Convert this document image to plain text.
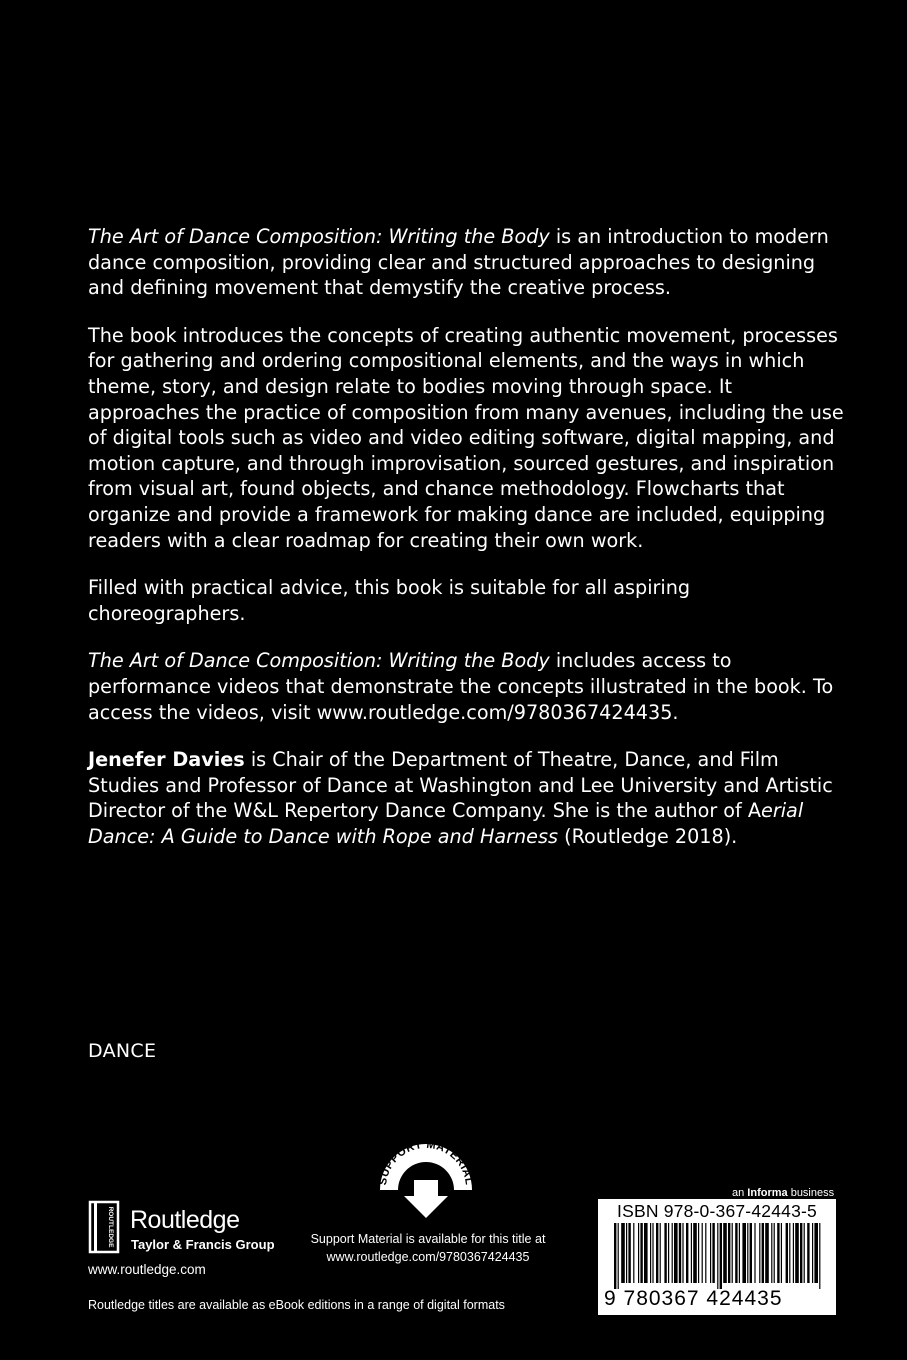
The Art of Dance Composition: Writing the Body is an introduction to modern dance composition, providing clear and structured approaches to designing and defining movement that demystify the creative process.

The book introduces the concepts of creating authentic movement, processes for gathering and ordering compositional elements, and the ways in which theme, story, and design relate to bodies moving through space. It approaches the practice of composition from many avenues, including the use of digital tools such as video and video editing software, digital mapping, and motion capture, and through improvisation, sourced gestures, and inspiration from visual art, found objects, and chance methodology. Flowcharts that organize and provide a framework for making dance are included, equipping readers with a clear roadmap for creating their own work.

Filled with practical advice, this book is suitable for all aspiring choreographers.

The Art of Dance Composition: Writing the Body includes access to performance videos that demonstrate the concepts illustrated in the book. To access the videos, visit www.routledge.com/9780367424435.

Jenefer Davies is Chair of the Department of Theatre, Dance, and Film Studies and Professor of Dance at Washington and Lee University and Artistic Director of the W&L Repertory Dance Company. She is the author of Aerial Dance: A Guide to Dance with Rope and Harness (Routledge 2018).

DANCE
ROUTLEDGE Routledge
Taylor & Francis Group
www.routledge.com
SUPPORT MATERIAL
Support Material is available for this title at
www.routledge.com/9780367424435
an Informa business
ISBN 978-0-367-42443-5
9 780367 424435
Routledge titles are available as eBook editions in a range of digital formats
